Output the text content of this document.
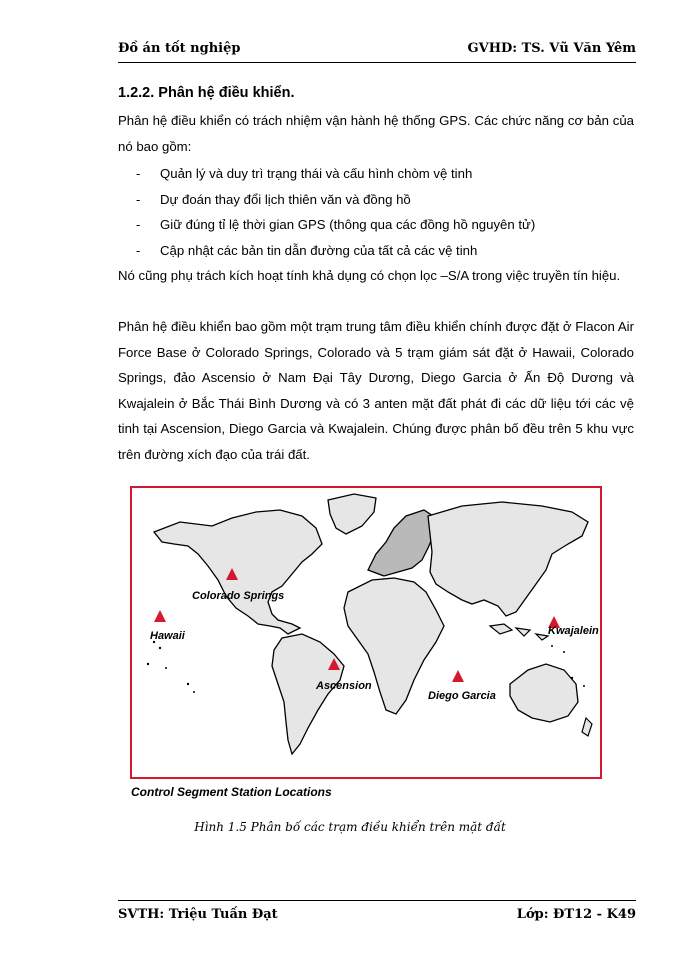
Đồ án tốt nghiệp	GVHD: TS. Vũ Văn Yêm
1.2.2. Phân hệ điều khiển.
Phân hệ điều khiển có trách nhiệm vận hành hệ thống GPS. Các chức năng cơ bản của nó bao gồm:
- Quản lý và duy trì trạng thái và cấu hình chòm vệ tinh
- Dự đoán thay đổi lịch thiên văn và đồng hồ
- Giữ đúng tỉ lệ thời gian GPS (thông qua các đồng hồ nguyên tử)
- Cập nhật các bản tin dẫn đường của tất cả các vệ tinh
Nó cũng phụ trách kích hoạt tính khả dụng có chọn lọc –S/A trong việc truyền tín hiệu.
Phân hệ điều khiển bao gồm một trạm trung tâm điều khiển chính được đặt ở Flacon Air Force Base ở Colorado Springs, Colorado và 5 trạm giám sát đặt ở Hawaii, Colorado Springs, đảo Ascensio ở Nam Đại Tây Dương, Diego Garcia ở Ấn Độ Dương và Kwajalein ở Bắc Thái Bình Dương và có 3 anten mặt đất phát đi các dữ liệu tới các vệ tinh tại Ascension, Diego Garcia và Kwajalein. Chúng được phân bố đều trên 5 khu vực trên đường xích đạo của trái đất.
Colorado Springs
Hawaii
Ascension
Diego Garcia
Kwajalein
Control Segment Station Locations
Hình 1.5 Phân bố các trạm điều khiển trên mặt đất
SVTH: Triệu Tuấn Đạt	Lớp: ĐT12 - K49
